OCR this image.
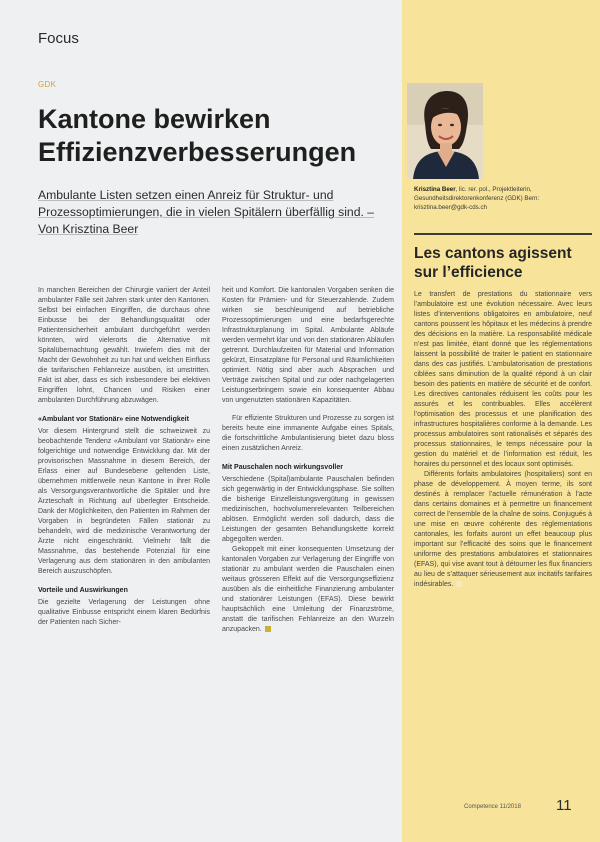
Focus
GDK
Kantone bewirken Effizienzverbesserungen
Ambulante Listen setzen einen Anreiz für Struktur- und Prozessoptimierungen, die in vielen Spitälern überfällig sind. – Von Krisztina Beer

In manchen Bereichen der Chirurgie variiert der Anteil ambulanter Fälle seit Jahren stark unter den Kantonen. Selbst bei einfachen Eingriffen, die durchaus ohne Einbusse bei der Behandlungsqualität oder Patientensicherheit ambulant durchgeführt werden könnten, wird vielerorts die Alternative mit Spitalübernachtung gewählt. Inwiefern dies mit der Macht der Gewohnheit zu tun hat und welchen Einfluss die tarifarischen Fehlanreize ausüben, ist umstritten. Fakt ist aber, dass es sich insbesondere bei elektiven Eingriffen lohnt, Chancen und Risiken einer ambulanten Durchführung abzuwägen.

«Ambulant vor Stationär» eine Notwendigkeit

Vor diesem Hintergrund stellt die schweizweit zu beobachtende Tendenz «Ambulant vor Stationär» eine folgerichtige und notwendige Entwicklung dar. Mit der provisorischen Massnahme in diesem Bereich, der Erlass einer auf Bundesebene geltenden Liste, übernehmen mittlerweile neun Kantone in ihrer Rolle als Versorgungsverantwortliche die Spitäler und ihre Ärzteschaft in Richtung auf überlegter Entscheide. Dank der Möglichkeiten, den Patienten im Rahmen der Vorgaben in begründeten Fällen stationär zu behandeln, wird die medizinische Verantwortung der Ärzte nicht eingeschränkt. Vielmehr fällt die Massnahme, das bestehende Potenzial für eine Verlagerung aus dem stationären in den ambulanten Bereich auszuschöpfen.

Vorteile und Auswirkungen

Die gezielte Verlagerung der Leistungen ohne qualitative Einbusse entspricht einem klaren Bedürfnis der Patienten nach Sicher-

heit und Komfort. Die kantonalen Vorgaben senken die Kosten für Prämien- und für Steuerzahlende. Zudem wirken sie beschleunigend auf betriebliche Prozessoptimierungen und eine bedarfsgerechte Infrastrukturplanung im Spital. Ambulante Abläufe werden vermehrt klar und von den stationären Abläufen getrennt. Durchlaufzeiten für Material und Information gekürzt, Einsatzpläne für Personal und Räumlichkeiten optimiert. Nötig sind aber auch Absprachen und Verträge zwischen Spital und zur oder nachgelagerten Leistungserbringern sowie ein konsequenter Abbau von ungenutzten stationären Kapazitäten.

Für effiziente Strukturen und Prozesse zu sorgen ist bereits heute eine immanente Aufgabe eines Spitals, die fortschrittliche Ambulantisierung bietet dazu bloss einen zusätzlichen Anreiz.

Mit Pauschalen noch wirkungsvoller

Verschiedene (Spital)ambulante Pauschalen befinden sich gegenwärtig in der Entwicklungsphase. Sie sollten die bisherige Einzelleistungsvergütung in gewissen medizinischen, hochvolumenrelevanten Teilbereichen ablösen. Ermöglicht werden soll dadurch, dass die Leistungen der gesamten Behandlungskette korrekt abgegolten werden.

Gekoppelt mit einer konsequenten Umsetzung der kantonalen Vorgaben zur Verlagerung der Eingriffe von stationär zu ambulant werden die Pauschalen einen weitaus grösseren Effekt auf die Versorgungseffizienz ausüben als die einheitliche Finanzierung ambulanter und stationärer Leistungen (EFAS). Diese bewirkt hauptsächlich eine Umleitung der Finanzströme, anstatt die tarifischen Fehlanreize an den Wurzeln anzupacken.

Krisztina Beer, lic. rer. pol., Projektleiterin, Gesundheitsdirektorenkonferenz (GDK) Bern: krisztina.beer@gdk-cds.ch
Les cantons agissent sur l’efficience

Le transfert de prestations du stationnaire vers l’ambulatoire est une évolution nécessaire. Avec leurs listes d’interventions obligatoires en ambulatoire, neuf cantons poussent les hôpitaux et les médecins à prendre des décisions en la matière. La responsabilité médicale n’est pas limitée, étant donné que les réglementations laissent la possibilité de traiter le patient en stationnaire dans des cas justifiés. L’ambulatorisation de prestations ciblées sans diminution de la qualité répond à un clair besoin des patients en matière de sécurité et de confort. Les directives cantonales réduisent les coûts pour les assurés et les contribuables. Elles accélèrent l’optimisation des processus et une planification des infrastructures hospitalières conforme à la demande. Les processus ambulatoires sont rationalisés et séparés des processus stationnaires, le temps nécessaire pour la gestion du matériel et de l’information est réduit, les horaires du personnel et des locaux sont optimisés.

Différents forfaits ambulatoires (hospitaliers) sont en phase de développement. À moyen terme, ils sont destinés à remplacer l’actuelle rémunération à l’acte dans certains domaines et à permettre un financement correct de l’ensemble de la chaîne de soins. Conjugués à une mise en œuvre cohérente des réglementations cantonales, les forfaits auront un effet beaucoup plus important sur l’efficacité des soins que le financement uniforme des prestations ambulatoires et stationnaires (EFAS), qui vise avant tout à détourner les flux financiers au lieu de s’attaquer sérieusement aux incitatifs tarifaires indésirables.

Competence 11/2018 11
